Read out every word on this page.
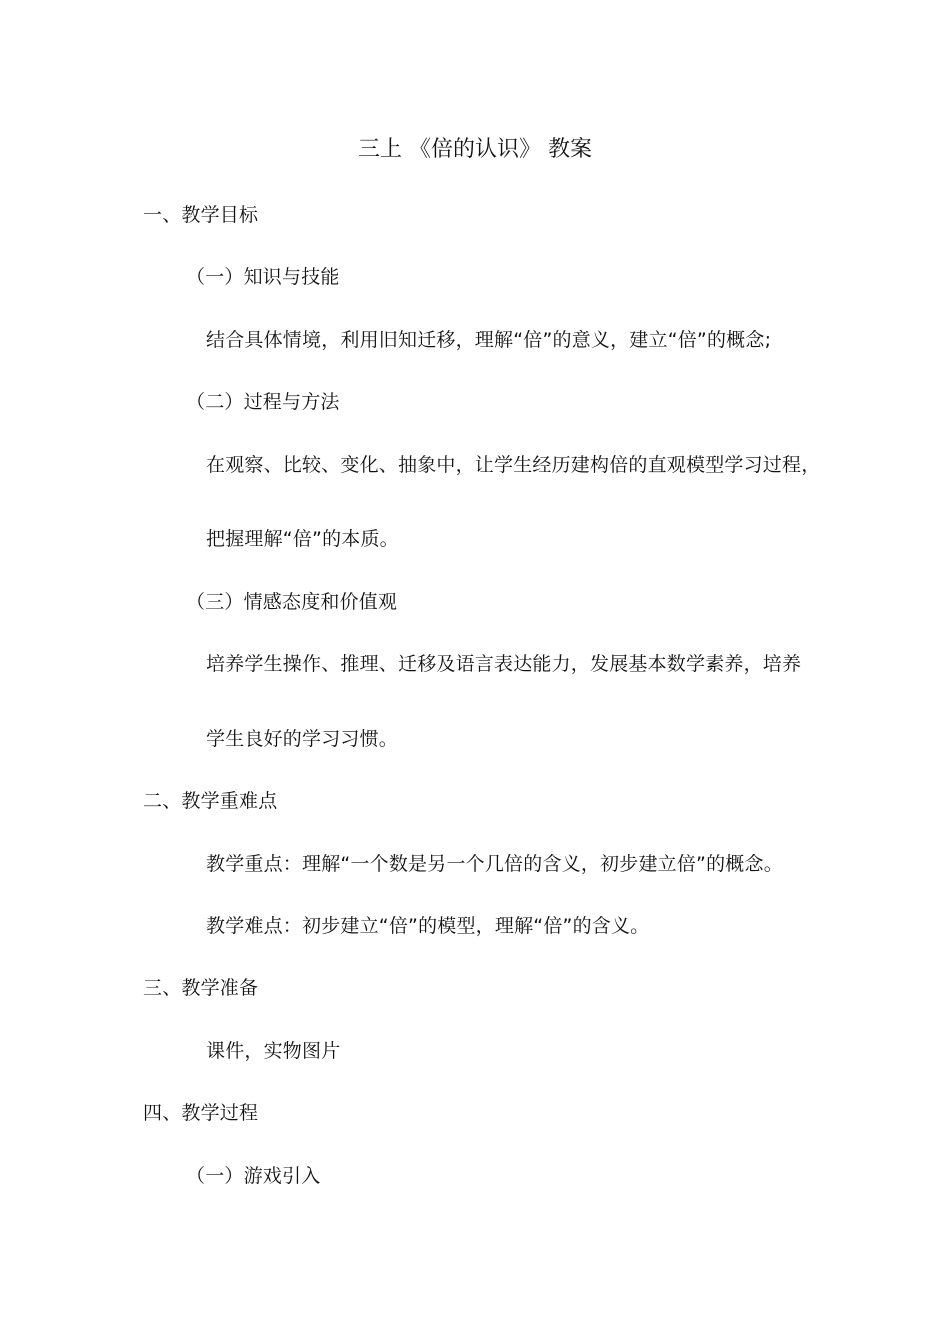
三上 《倍的认识》 教案
一、教学目标
（一）知识与技能
结合具体情境，利用旧知迁移，理解“倍”的意义，建立“倍”的概念;
（二）过程与方法
在观察、比较、变化、抽象中，让学生经历建构倍的直观模型学习过程，
把握理解“倍”的本质。
（三）情感态度和价值观
培养学生操作、推理、迁移及语言表达能力，发展基本数学素养，培养
学生良好的学习习惯。
二、教学重难点
教学重点：理解“一个数是另一个几倍的含义，初步建立倍”的概念。
教学难点：初步建立“倍”的模型，理解“倍”的含义。
三、教学准备
课件，实物图片
四、教学过程
（一）游戏引入
